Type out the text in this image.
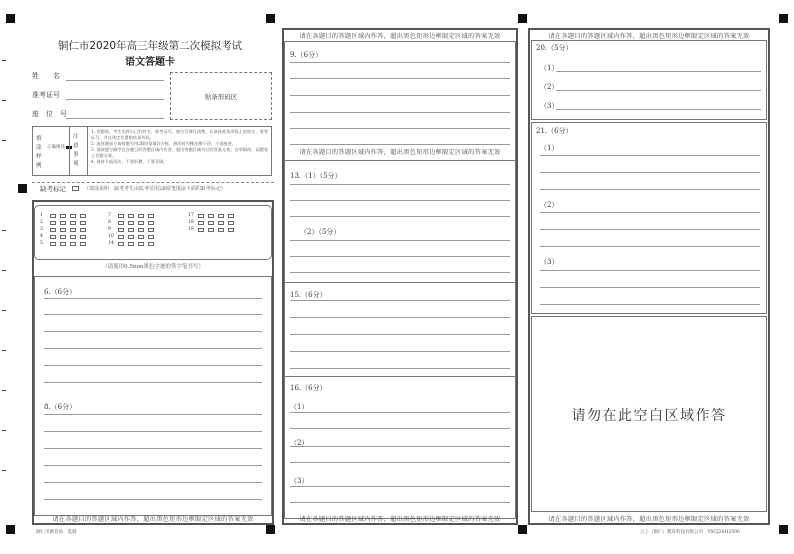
铜仁市2020年高三年级第二次模拟考试
语文答题卡
姓　　名
准考证号
座　位　号
贴条形码区
填涂样例
正确填涂
注意事项
1. 答题前，考生先将自己的姓名、准考证号、座位号填写清楚，认真核准条形码上的姓名、准考证号，并在规定位置粘贴条形码。
2. 选择题部分请按题号用2B铅笔填涂方框，修改时用橡皮擦干净，不留痕迹。
3. 请按题号顺序在各题目的答题区域内作答，超出答题区域书写的答案无效；在草稿纸、试题卷上答题无效。
4. 保持卡面清洁，不要折叠、不要弄破。
缺考标记	（填涂说明：缺考考生由监考员用2B铅笔填涂下面的缺考标记）
1
2
3
4
5
7
8
9
10
14
17
18
19
（请使用0.5mm黑色字迹的签字笔书写）
6.（6分）
8.（6分）
请在各题目的答题区域内作答，超出黑色矩形边框限定区域的答案无效
请在各题目的答题区域内作答，超出黑色矩形边框限定区域的答案无效
9.（6分）
请在各题目的答题区域内作答，超出黑色矩形边框限定区域的答案无效
13.（1）（5分）
（2）（5分）
15.（6分）
16.（6分）
（1）
（2）
（3）
请在各题目的答题区域内作答，超出黑色矩形边框限定区域的答案无效
请在各题目的答题区域内作答，超出黑色矩形边框限定区域的答案无效
20.（5分）
（1）
（2）
（3）
21.（6分）
（1）
（2）
（3）
请勿在此空白区域作答
请在各题目的答题区域内作答，超出黑色矩形边框限定区域的答案无效
铜仁市教育局　监制	云上（铜仁）教育科技有限公司　YSCJ20H3590
